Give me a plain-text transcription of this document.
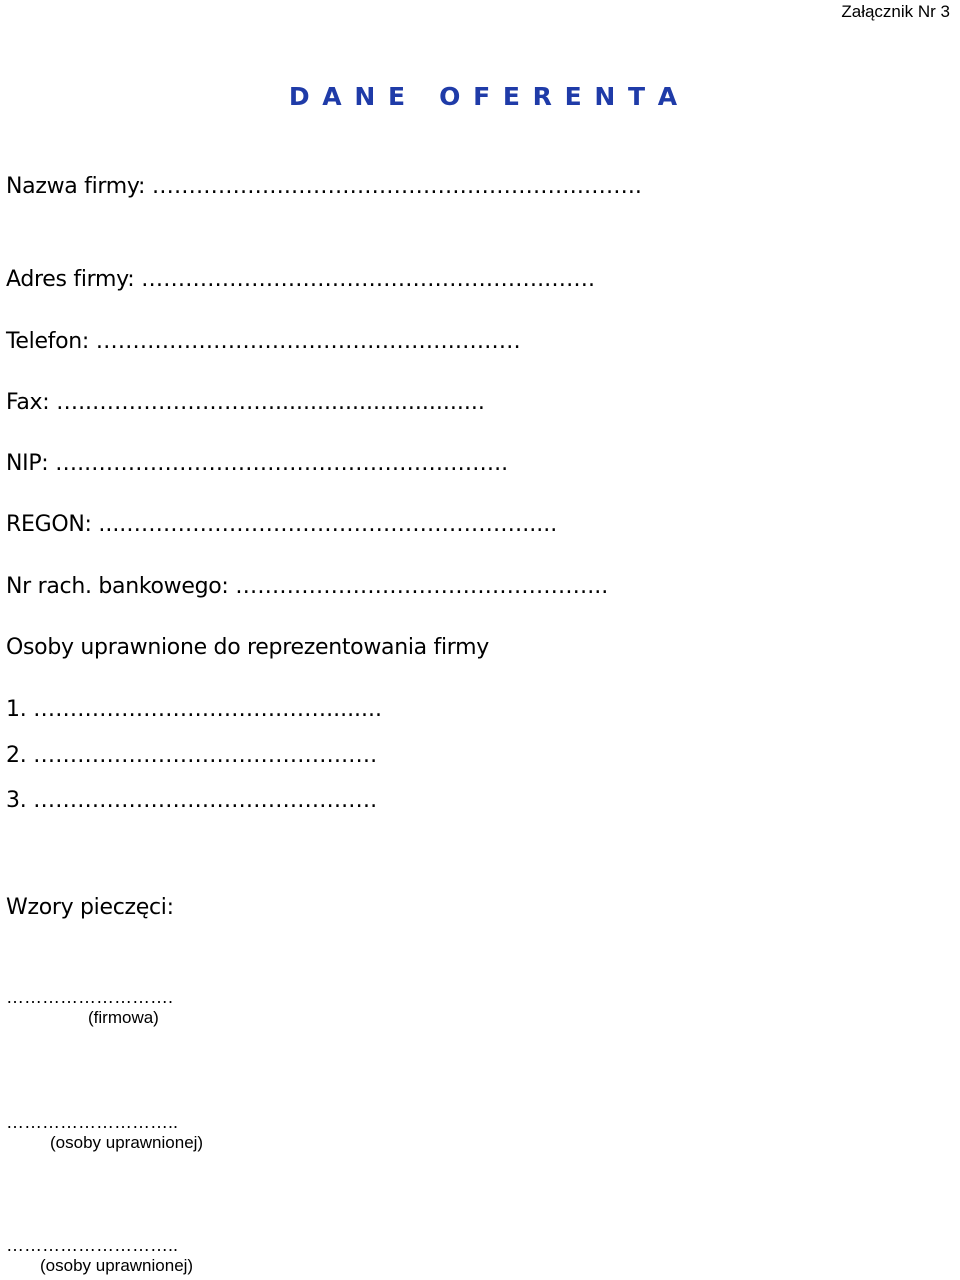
Załącznik Nr 3
D A N E   O F E R E N T A
Nazwa firmy: ……………….………………………………….……..
Adres firmy: ……………………………………………….…….
Telefon: ………………………………………….………
Fax: …..……………………...............................
NIP: …..………………………………………….……..
REGON: ....……………………………………………….....
Nr rach. bankowego: …………………………………………...
Osoby uprawnione do reprezentowania firmy
1. …………………………….……........
2. …………………………………….….
3. …………………………………….….
Wzory pieczęci:
……………………….
(firmowa)
………………………..
(osoby uprawnionej)
………………………..
(osoby uprawnionej)
